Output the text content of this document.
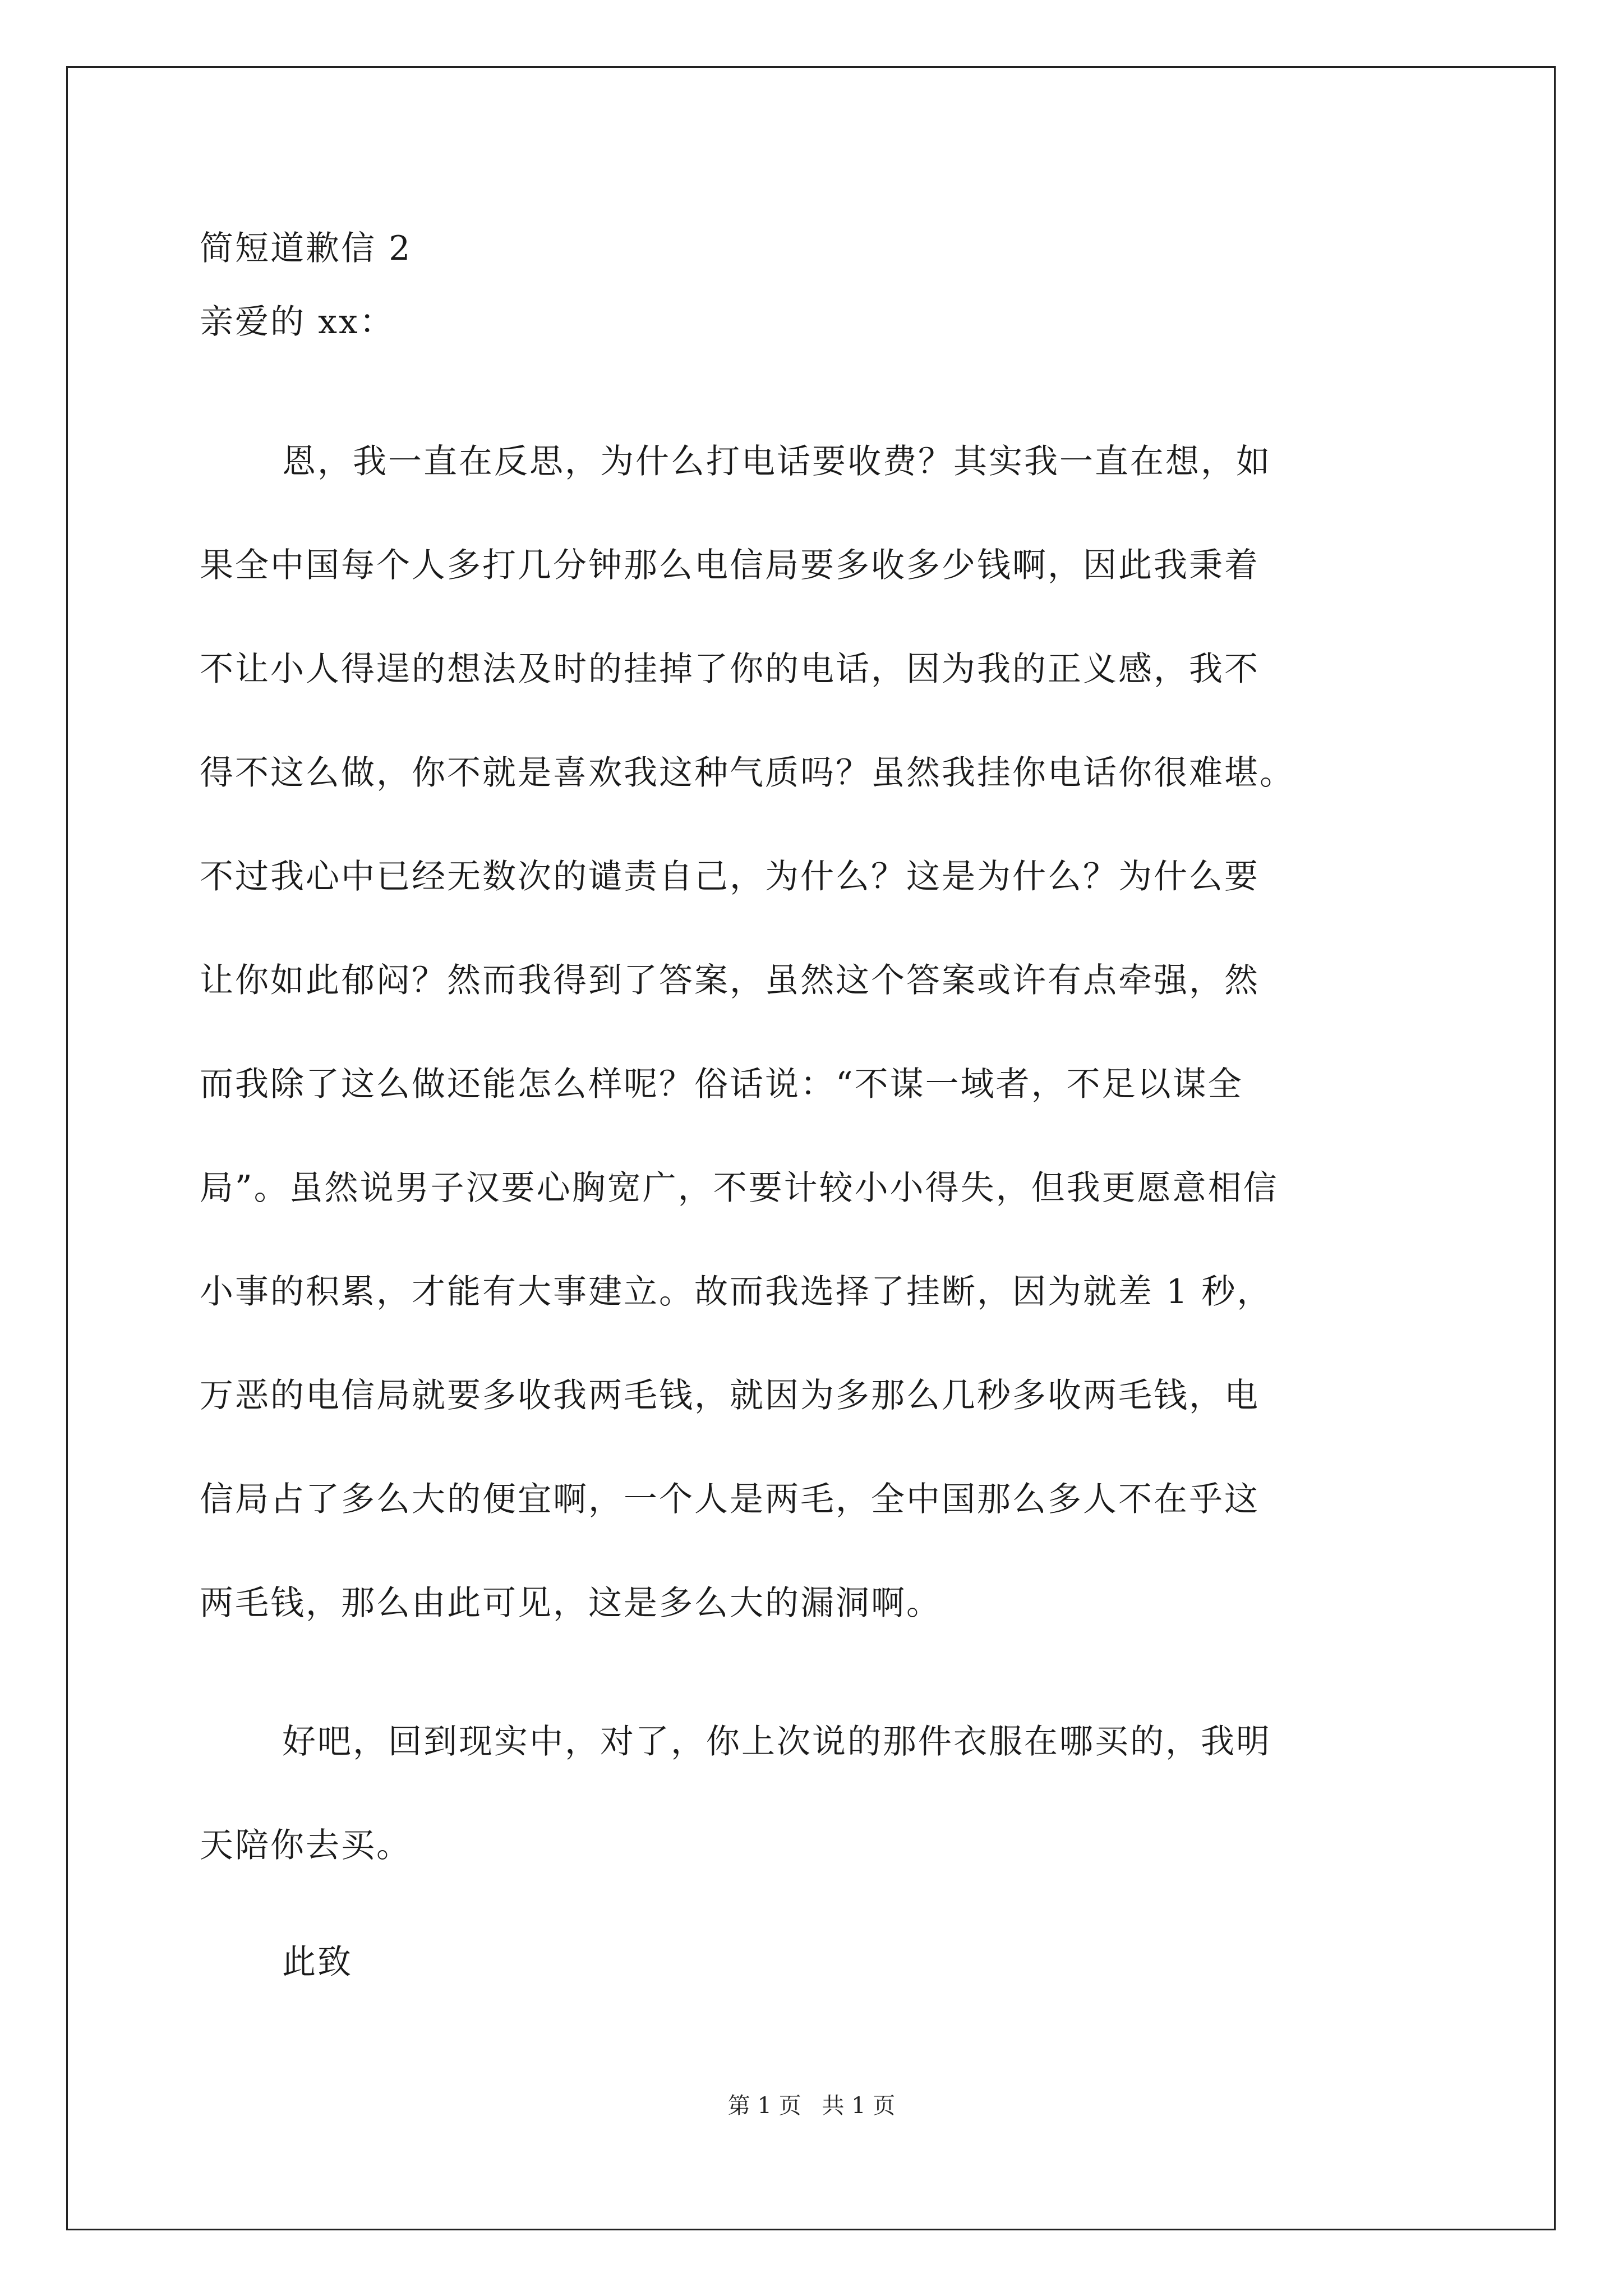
简短道歉信 2
亲爱的 xx：
恩，我一直在反思，为什么打电话要收费？其实我一直在想，如
果全中国每个人多打几分钟那么电信局要多收多少钱啊，因此我秉着
不让小人得逞的想法及时的挂掉了你的电话，因为我的正义感，我不
得不这么做，你不就是喜欢我这种气质吗？虽然我挂你电话你很难堪。
不过我心中已经无数次的谴责自己，为什么？这是为什么？为什么要
让你如此郁闷？然而我得到了答案，虽然这个答案或许有点牵强，然
而我除了这么做还能怎么样呢？俗话说：“不谋一域者，不足以谋全
局”。虽然说男子汉要心胸宽广，不要计较小小得失，但我更愿意相信
小事的积累，才能有大事建立。故而我选择了挂断，因为就差 1 秒，
万恶的电信局就要多收我两毛钱，就因为多那么几秒多收两毛钱，电
信局占了多么大的便宜啊，一个人是两毛，全中国那么多人不在乎这
两毛钱，那么由此可见，这是多么大的漏洞啊。
好吧，回到现实中，对了，你上次说的那件衣服在哪买的，我明
天陪你去买。
此致
第 1 页 共 1 页
